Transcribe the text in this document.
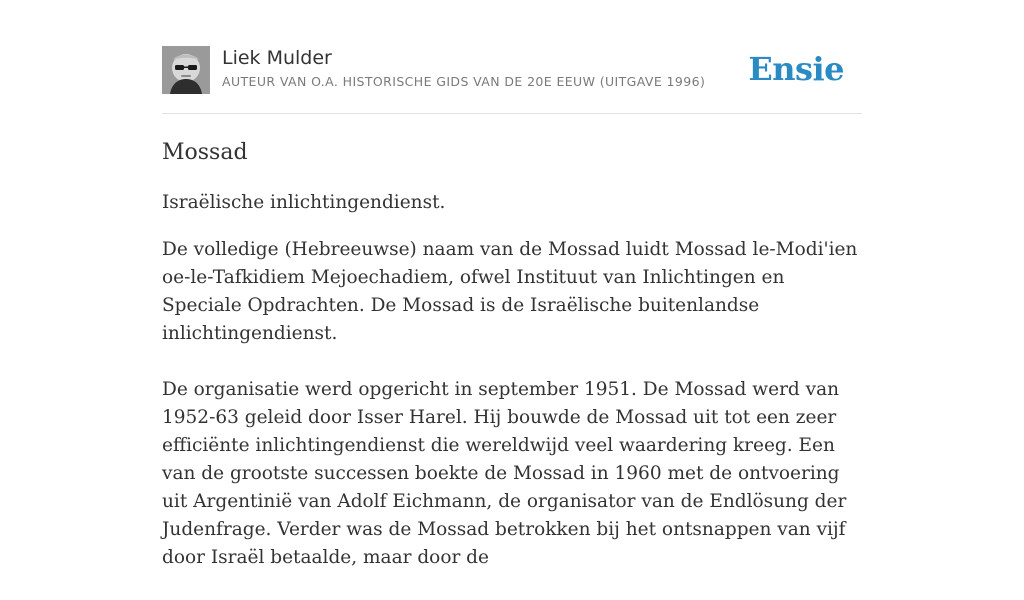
Liek Mulder
AUTEUR VAN O.A. HISTORISCHE GIDS VAN DE 20E EEUW (UITGAVE 1996) Ensie
Mossad

Israëlische inlichtingendienst.

De volledige (Hebreeuwse) naam van de Mossad luidt Mossad le-Modi'ien oe-le-Tafkidiem Mejoechadiem, ofwel Instituut van Inlichtingen en Speciale Opdrachten. De Mossad is de Israëlische buitenlandse inlichtingendienst.

De organisatie werd opgericht in september 1951. De Mossad werd van 1952-63 geleid door Isser Harel. Hij bouwde de Mossad uit tot een zeer efficiënte inlichtingendienst die wereldwijd veel waardering kreeg. Een van de grootste successen boekte de Mossad in 1960 met de ontvoering uit Argentinië van Adolf Eichmann, de organisator van de Endlösung der Judenfrage. Verder was de Mossad betrokken bij het ontsnappen van vijf door Israël betaalde, maar door de
